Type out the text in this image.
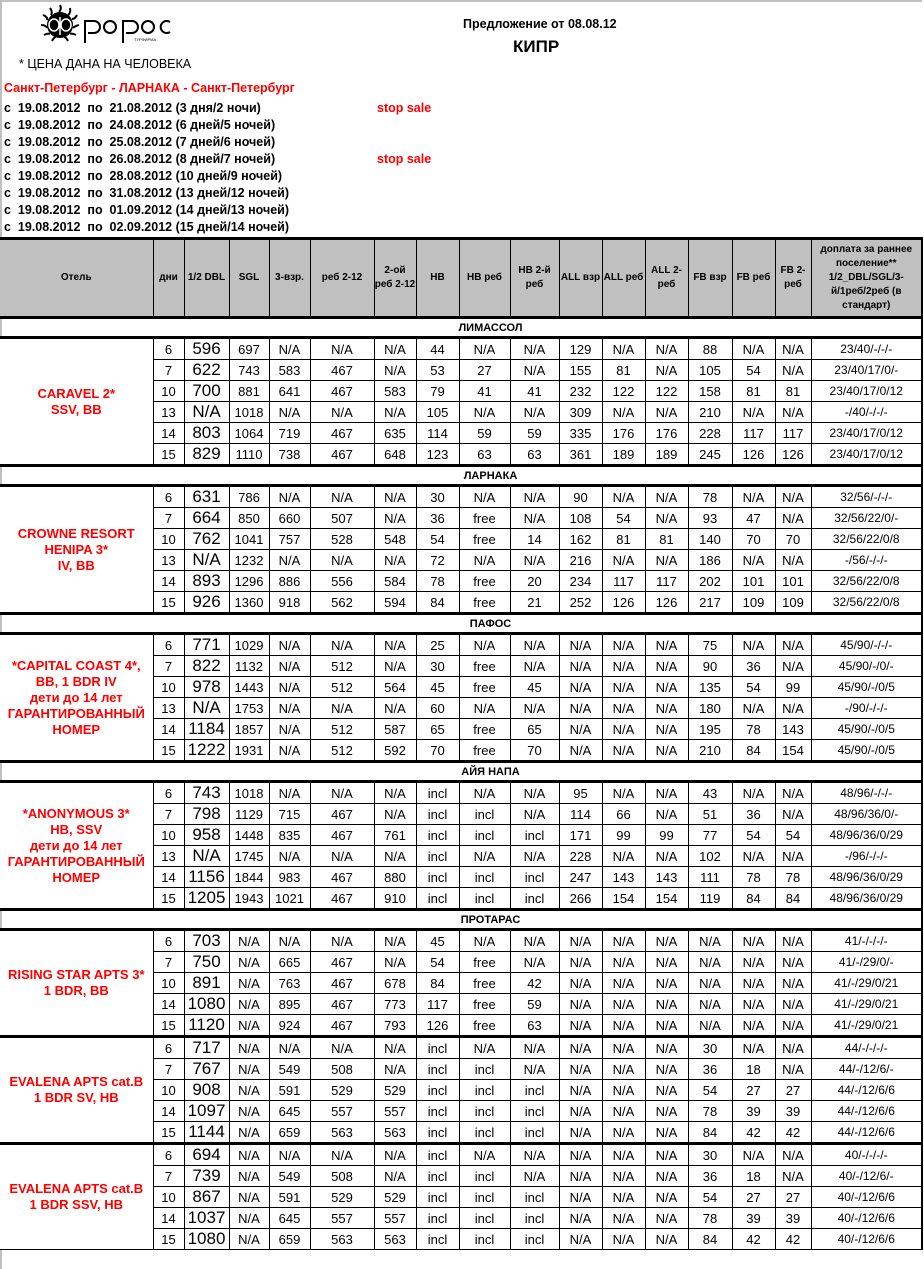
ТУРФИРМА
Предложение от 08.08.12
КИПР
* ЦЕНА ДАНА НА ЧЕЛОВЕКА
Санкт-Петербург - ЛАРНАКА - Санкт-Петербург
с  19.08.2012  по  21.08.2012 (3 дня/2 ночи)	stop sale
с  19.08.2012  по  24.08.2012 (6 дней/5 ночей)
с  19.08.2012  по  25.08.2012 (7 дней/6 ночей)
с  19.08.2012  по  26.08.2012 (8 дней/7 ночей)	stop sale
с  19.08.2012  по  28.08.2012 (10 дней/9 ночей)
с  19.08.2012  по  31.08.2012 (13 дней/12 ночей)
с  19.08.2012  по  01.09.2012 (14 дней/13 ночей)
с  19.08.2012  по  02.09.2012 (15 дней/14 ночей)
Отель	дни	1/2 DBL	SGL	3-взр.	реб 2-12	2-ой реб 2-12	HB	HB реб	HB 2-й реб	ALL взр	ALL реб	ALL 2-реб	FB взр	FB реб	FB 2-реб	доплата за раннее поселение** 1/2_DBL/SGL/3-й/1реб/2реб (в стандарт)
ЛИМАССОЛ																

CARAVEL 2*
SSV, BB	6	596	697	N/A	N/A	N/A	44	N/A	N/A	129	N/A	N/A	88	N/A	N/A	23/40/-/-/-
	7	622	743	583	467	N/A	53	27	N/A	155	81	N/A	105	54	N/A	23/40/17/0/-
	10	700	881	641	467	583	79	41	41	232	122	122	158	81	81	23/40/17/0/12
	13	N/A	1018	N/A	N/A	N/A	105	N/A	N/A	309	N/A	N/A	210	N/A	N/A	-/40/-/-/-
	14	803	1064	719	467	635	114	59	59	335	176	176	228	117	117	23/40/17/0/12
	15	829	1110	738	467	648	123	63	63	361	189	189	245	126	126	23/40/17/0/12
ЛАРНАКА																

CROWNE RESORT
HENIPA 3*
IV, BB	6	631	786	N/A	N/A	N/A	30	N/A	N/A	90	N/A	N/A	78	N/A	N/A	32/56/-/-/-
	7	664	850	660	507	N/A	36	free	N/A	108	54	N/A	93	47	N/A	32/56/22/0/-
	10	762	1041	757	528	548	54	free	14	162	81	81	140	70	70	32/56/22/0/8
	13	N/A	1232	N/A	N/A	N/A	72	N/A	N/A	216	N/A	N/A	186	N/A	N/A	-/56/-/-/-
	14	893	1296	886	556	584	78	free	20	234	117	117	202	101	101	32/56/22/0/8
	15	926	1360	918	562	594	84	free	21	252	126	126	217	109	109	32/56/22/0/8
ПАФОС																

*CAPITAL COAST 4*,
BB, 1 BDR IV
дети до 14 лет
ГАРАНТИРОВАННЫЙ
НОМЕР	6	771	1029	N/A	N/A	N/A	25	N/A	N/A	N/A	N/A	N/A	75	N/A	N/A	45/90/-/-/-
	7	822	1132	N/A	512	N/A	30	free	N/A	N/A	N/A	N/A	90	36	N/A	45/90/-/0/-
	10	978	1443	N/A	512	564	45	free	45	N/A	N/A	N/A	135	54	99	45/90/-/0/5
	13	N/A	1753	N/A	N/A	N/A	60	N/A	N/A	N/A	N/A	N/A	180	N/A	N/A	-/90/-/-/-
	14	1184	1857	N/A	512	587	65	free	65	N/A	N/A	N/A	195	78	143	45/90/-/0/5
	15	1222	1931	N/A	512	592	70	free	70	N/A	N/A	N/A	210	84	154	45/90/-/0/5
АЙЯ НАПА																

*ANONYMOUS 3*
HB, SSV
дети до 14 лет
ГАРАНТИРОВАННЫЙ
НОМЕР	6	743	1018	N/A	N/A	N/A	incl	N/A	N/A	95	N/A	N/A	43	N/A	N/A	48/96/-/-/-
	7	798	1129	715	467	N/A	incl	incl	N/A	114	66	N/A	51	36	N/A	48/96/36/0/-
	10	958	1448	835	467	761	incl	incl	incl	171	99	99	77	54	54	48/96/36/0/29
	13	N/A	1745	N/A	N/A	N/A	incl	N/A	N/A	228	N/A	N/A	102	N/A	N/A	-/96/-/-/-
	14	1156	1844	983	467	880	incl	incl	incl	247	143	143	111	78	78	48/96/36/0/29
	15	1205	1943	1021	467	910	incl	incl	incl	266	154	154	119	84	84	48/96/36/0/29
ПРОТАРАС																

RISING STAR APTS 3*
1 BDR, BB	6	703	N/A	N/A	N/A	N/A	45	N/A	N/A	N/A	N/A	N/A	N/A	N/A	N/A	41/-/-/-/-
	7	750	N/A	665	467	N/A	54	free	N/A	N/A	N/A	N/A	N/A	N/A	N/A	41/-/29/0/-
	10	891	N/A	763	467	678	84	free	42	N/A	N/A	N/A	N/A	N/A	N/A	41/-/29/0/21
	14	1080	N/A	895	467	773	117	free	59	N/A	N/A	N/A	N/A	N/A	N/A	41/-/29/0/21
	15	1120	N/A	924	467	793	126	free	63	N/A	N/A	N/A	N/A	N/A	N/A	41/-/29/0/21

EVALENA APTS cat.B
1 BDR SV, HB	6	717	N/A	N/A	N/A	N/A	incl	N/A	N/A	N/A	N/A	N/A	30	N/A	N/A	44/-/-/-/-
	7	767	N/A	549	508	N/A	incl	incl	N/A	N/A	N/A	N/A	36	18	N/A	44/-/12/6/-
	10	908	N/A	591	529	529	incl	incl	incl	N/A	N/A	N/A	54	27	27	44/-/12/6/6
	14	1097	N/A	645	557	557	incl	incl	incl	N/A	N/A	N/A	78	39	39	44/-/12/6/6
	15	1144	N/A	659	563	563	incl	incl	incl	N/A	N/A	N/A	84	42	42	44/-/12/6/6

EVALENA APTS cat.B
1 BDR SSV, HB	6	694	N/A	N/A	N/A	N/A	incl	N/A	N/A	N/A	N/A	N/A	30	N/A	N/A	40/-/-/-/-
	7	739	N/A	549	508	N/A	incl	incl	N/A	N/A	N/A	N/A	36	18	N/A	40/-/12/6/-
	10	867	N/A	591	529	529	incl	incl	incl	N/A	N/A	N/A	54	27	27	40/-/12/6/6
	14	1037	N/A	645	557	557	incl	incl	incl	N/A	N/A	N/A	78	39	39	40/-/12/6/6
	15	1080	N/A	659	563	563	incl	incl	incl	N/A	N/A	N/A	84	42	42	40/-/12/6/6
